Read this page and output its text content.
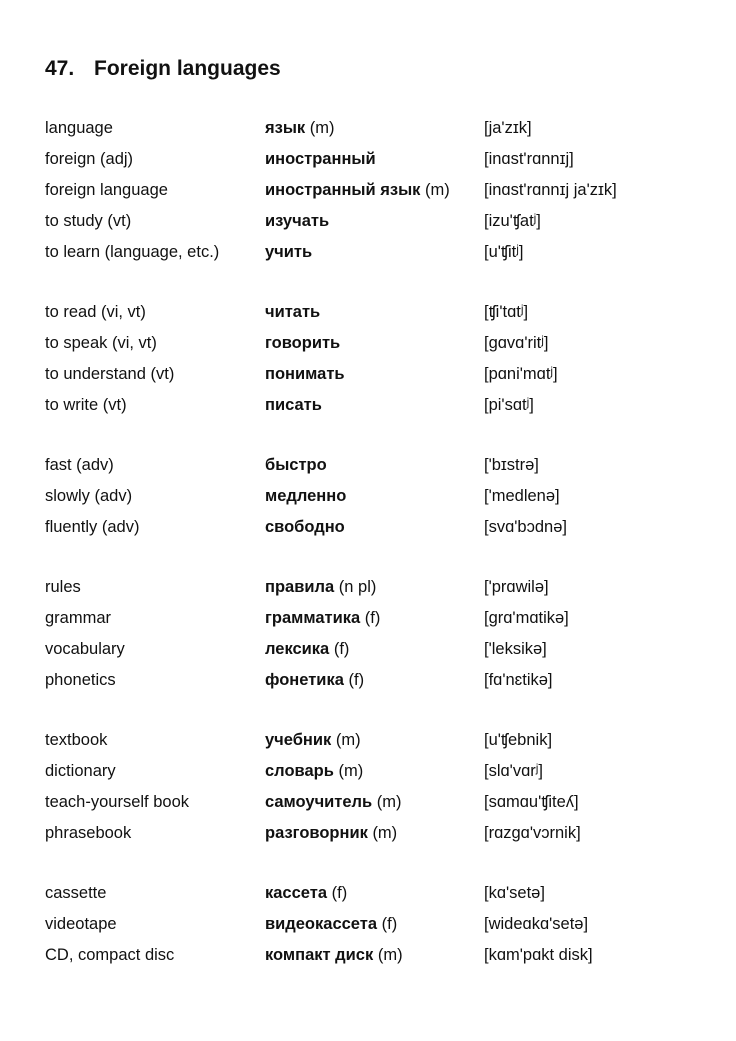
47. Foreign languages
language	язык (m)	[ja'zɪk]
foreign (adj)	иностранный	[inɑst'rɑnnɪj]
foreign language	иностранный язык (m) [inɑst'rɑnnɪj ja'zɪk]
to study (vt)	изучать	[izu'ʧatʲ]
to learn (language, etc.)	учить	[u'ʧitʲ]
to read (vi, vt)	читать	[ʧi'tɑtʲ]
to speak (vi, vt)	говорить	[gɑvɑ'ritʲ]
to understand (vt)	понимать	[pɑni'mɑtʲ]
to write (vt)	писать	[pi'sɑtʲ]
fast (adv)	быстро	['bɪstrə]
slowly (adv)	медленно	['medlenə]
fluently (adv)	свободно	[svɑ'bɔdnə]
rules	правила (n pl)	['prɑwilə]
grammar	грамматика (f)	[grɑ'mɑtikə]
vocabulary	лексика (f)	['leksikə]
phonetics	фонетика (f)	[fɑ'nɛtikə]
textbook	учебник (m)	[u'ʧebnik]
dictionary	словарь (m)	[slɑ'vɑrʲ]
teach-yourself book	самоучитель (m)	[sɑmɑu'ʧiteʎ]
phrasebook	разговорник (m)	[rɑzgɑ'vɔrnik]
cassette	кассета (f)	[kɑ'setə]
videotape	видеокассета (f)	[wideɑkɑ'setə]
CD, compact disc	компакт диск (m)	[kɑm'pɑkt disk]
